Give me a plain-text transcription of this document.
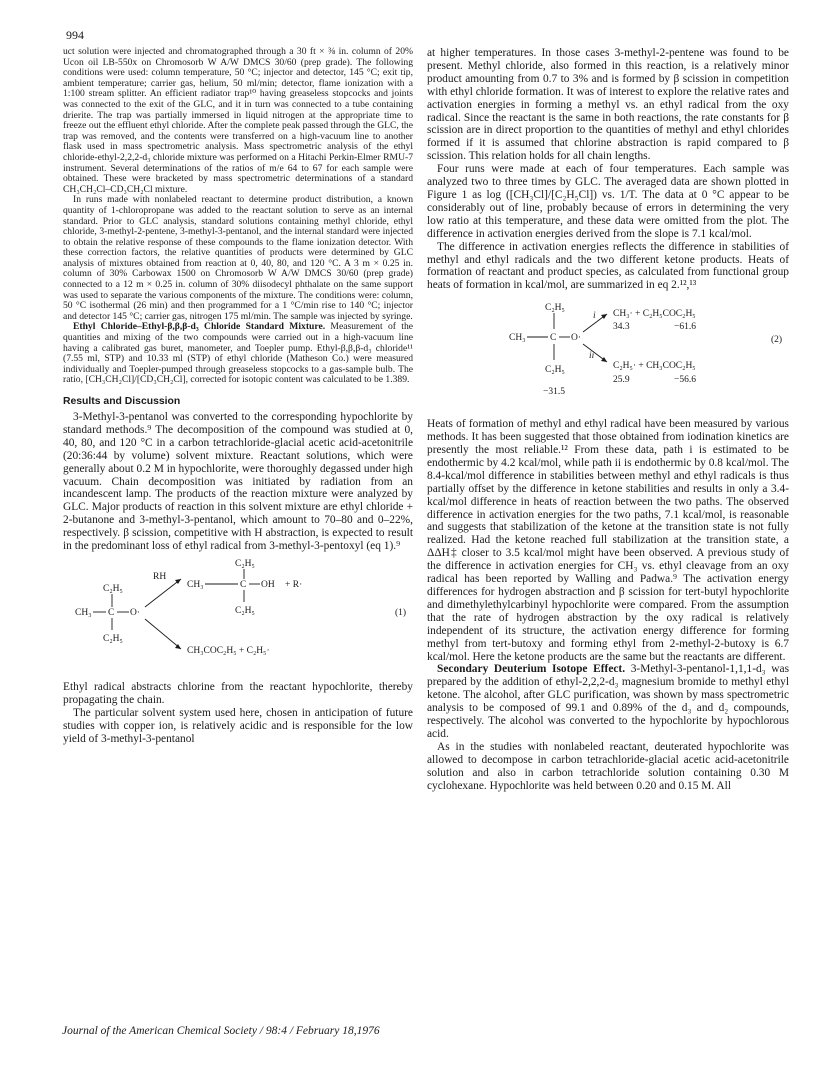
994

uct solution were injected and chromatographed through a 30 ft × ⅜ in. column of 20% Ucon oil LB-550x on Chromosorb W A/W DMCS 30/60 (prep grade). The following conditions were used: column temperature, 50 °C; injector and detector, 145 °C; exit tip, ambient temperature; carrier gas, helium, 50 ml/min; detector, flame ionization with a 1:100 stream splitter. An efficient radiator trap¹⁰ having greaseless stopcocks and joints was connected to the exit of the GLC, and it in turn was connected to a tube containing drierite. The trap was partially immersed in liquid nitrogen at the appropriate time to freeze out the effluent ethyl chloride. After the complete peak passed through the GLC, the trap was removed, and the contents were transferred on a high-vacuum line to another flask used in mass spectrometric analysis. Mass spectrometric analysis of the ethyl chloride-ethyl-2,2,2-d₃ chloride mixture was performed on a Hitachi Perkin-Elmer RMU-7 instrument. Several determinations of the ratios of m/e 64 to 67 for each sample were obtained. These were bracketed by mass spectrometric determinations of a standard CH₃CH₂Cl–CD₃CH₂Cl mixture.

In runs made with nonlabeled reactant to determine product distribution, a known quantity of 1-chloropropane was added to the reactant solution to serve as an internal standard. Prior to GLC analysis, standard solutions containing methyl chloride, ethyl chloride, 3-methyl-2-pentene, 3-methyl-3-pentanol, and the internal standard were injected to obtain the relative response of these compounds to the flame ionization detector. With these correction factors, the relative quantities of products were determined by GLC analysis of mixtures obtained from reaction at 0, 40, 80, and 120 °C. A 3 m × 0.25 in. column of 30% Carbowax 1500 on Chromosorb W A/W DMCS 30/60 (prep grade) connected to a 12 m × 0.25 in. column of 30% diisodecyl phthalate on the same support was used to separate the various components of the mixture. The conditions were: column, 50 °C isothermal (26 min) and then programmed for a 1 °C/min rise to 140 °C; injector and detector 145 °C; carrier gas, nitrogen 175 ml/min. The sample was injected by syringe.

Ethyl Chloride–Ethyl-β,β,β-d₃ Chloride Standard Mixture. Measurement of the quantities and mixing of the two compounds were carried out in a high-vacuum line having a calibrated gas buret, manometer, and Toepler pump. Ethyl-β,β,β-d₃ chloride¹¹ (7.55 ml, STP) and 10.33 ml (STP) of ethyl chloride (Matheson Co.) were measured individually and Toepler-pumped through greaseless stopcocks to a gas-sample bulb. The ratio, [CH₃CH₂Cl]/[CD₃CH₂Cl], corrected for isotopic content was calculated to be 1.389.

Results and Discussion

3-Methyl-3-pentanol was converted to the corresponding hypochlorite by standard methods.⁹ The decomposition of the compound was studied at 0, 40, 80, and 120 °C in a carbon tetrachloride-glacial acetic acid-acetonitrile (20:36:44 by volume) solvent mixture. Reactant solutions, which were generally about 0.2 M in hypochlorite, were thoroughly degassed under high vacuum. Chain decomposition was initiated by radiation from an incandescent lamp. The products of the reaction mixture were analyzed by GLC. Major products of reaction in this solvent mixture are ethyl chloride + 2-butanone and 3-methyl-3-pentanol, which amount to 70–80 and 0–22%, respectively. β scission, competitive with H abstraction, is expected to result in the predominant loss of ethyl radical from 3-methyl-3-pentoxyl (eq 1).⁹

C₂H₅
CH₃ C O·
C₂H₅
RH
C₂H₅
CH₃	C OH + R·
C₂H₅	(1)
CH₃COC₂H₅ + C₂H₅·

Ethyl radical abstracts chlorine from the reactant hypochlorite, thereby propagating the chain.

The particular solvent system used here, chosen in anticipation of future studies with copper ion, is relatively acidic and is responsible for the low yield of 3-methyl-3-pentanol

at higher temperatures. In those cases 3-methyl-2-pentene was found to be present. Methyl chloride, also formed in this reaction, is a relatively minor product amounting from 0.7 to 3% and is formed by β scission in competition with ethyl chloride formation. It was of interest to explore the relative rates and activation energies in forming a methyl vs. an ethyl radical from the oxy radical. Since the reactant is the same in both reactions, the rate constants for β scission are in direct proportion to the quantities of methyl and ethyl chlorides formed if it is assumed that chlorine abstraction is rapid compared to β scission. This relation holds for all chain lengths.

Four runs were made at each of four temperatures. Each sample was analyzed two to three times by GLC. The averaged data are shown plotted in Figure 1 as log ([CH₃Cl]/[C₂H₅Cl]) vs. 1/T. The data at 0 °C appear to be considerably out of line, probably because of errors in determining the very low ratio at this temperature, and these data were omitted from the plot. The difference in activation energies derived from the slope is 7.1 kcal/mol.

The difference in activation energies reflects the difference in stabilities of methyl and ethyl radicals and the two different ketone products. Heats of formation of reactant and product species, as calculated from functional group heats of formation in kcal/mol, are summarized in eq 2.¹²,¹³

C₂H₅
CH₃	C O·
C₂H₅
−31.5
i CH₃· + C₂H₅COC₂H₅
34.3	−61.6
ii
C₂H₅· + CH₃COC₂H₅
25.9	−56.6
(2)

Heats of formation of methyl and ethyl radical have been measured by various methods. It has been suggested that those obtained from iodination kinetics are presently the most reliable.¹² From these data, path i is estimated to be endothermic by 4.2 kcal/mol, while path ii is endothermic by 0.8 kcal/mol. The 8.4-kcal/mol difference in stabilities between methyl and ethyl radicals is thus partially offset by the difference in ketone stabilities and results in only a 3.4-kcal/mol difference in heats of reaction between the two paths. The observed difference in activation energies for the two paths, 7.1 kcal/mol, is reasonable and suggests that stabilization of the ketone at the transition state is not fully realized. Had the ketone reached full stabilization at the transition state, a ΔΔH‡ closer to 3.5 kcal/mol might have been observed. A previous study of the difference in activation energies for CH₃ vs. ethyl cleavage from an oxy radical has been reported by Walling and Padwa.⁹ The activation energy differences for hydrogen abstraction and β scission for tert-butyl hypochlorite and dimethylethylcarbinyl hypochlorite were compared. From the assumption that the rate of hydrogen abstraction by the oxy radical is relatively independent of its structure, the activation energy difference for forming methyl from tert-butoxy and forming ethyl from 2-methyl-2-butoxy is 6.7 kcal/mol. Here the ketone products are the same but the reactants are different.

Secondary Deuterium Isotope Effect. 3-Methyl-3-pentanol-1,1,1-d₃ was prepared by the addition of ethyl-2,2,2-d₃ magnesium bromide to methyl ethyl ketone. The alcohol, after GLC purification, was shown by mass spectrometric analysis to be composed of 99.1 and 0.89% of the d₃ and d₂ compounds, respectively. The alcohol was converted to the hypochlorite by hypochlorous acid.

As in the studies with nonlabeled reactant, deuterated hypochlorite was allowed to decompose in carbon tetrachloride-glacial acetic acid-acetonitrile solution and also in carbon tetrachloride solution containing 0.30 M cyclohexane. Hypochlorite was held between 0.20 and 0.15 M. All

Journal of the American Chemical Society / 98:4 / February 18,1976
